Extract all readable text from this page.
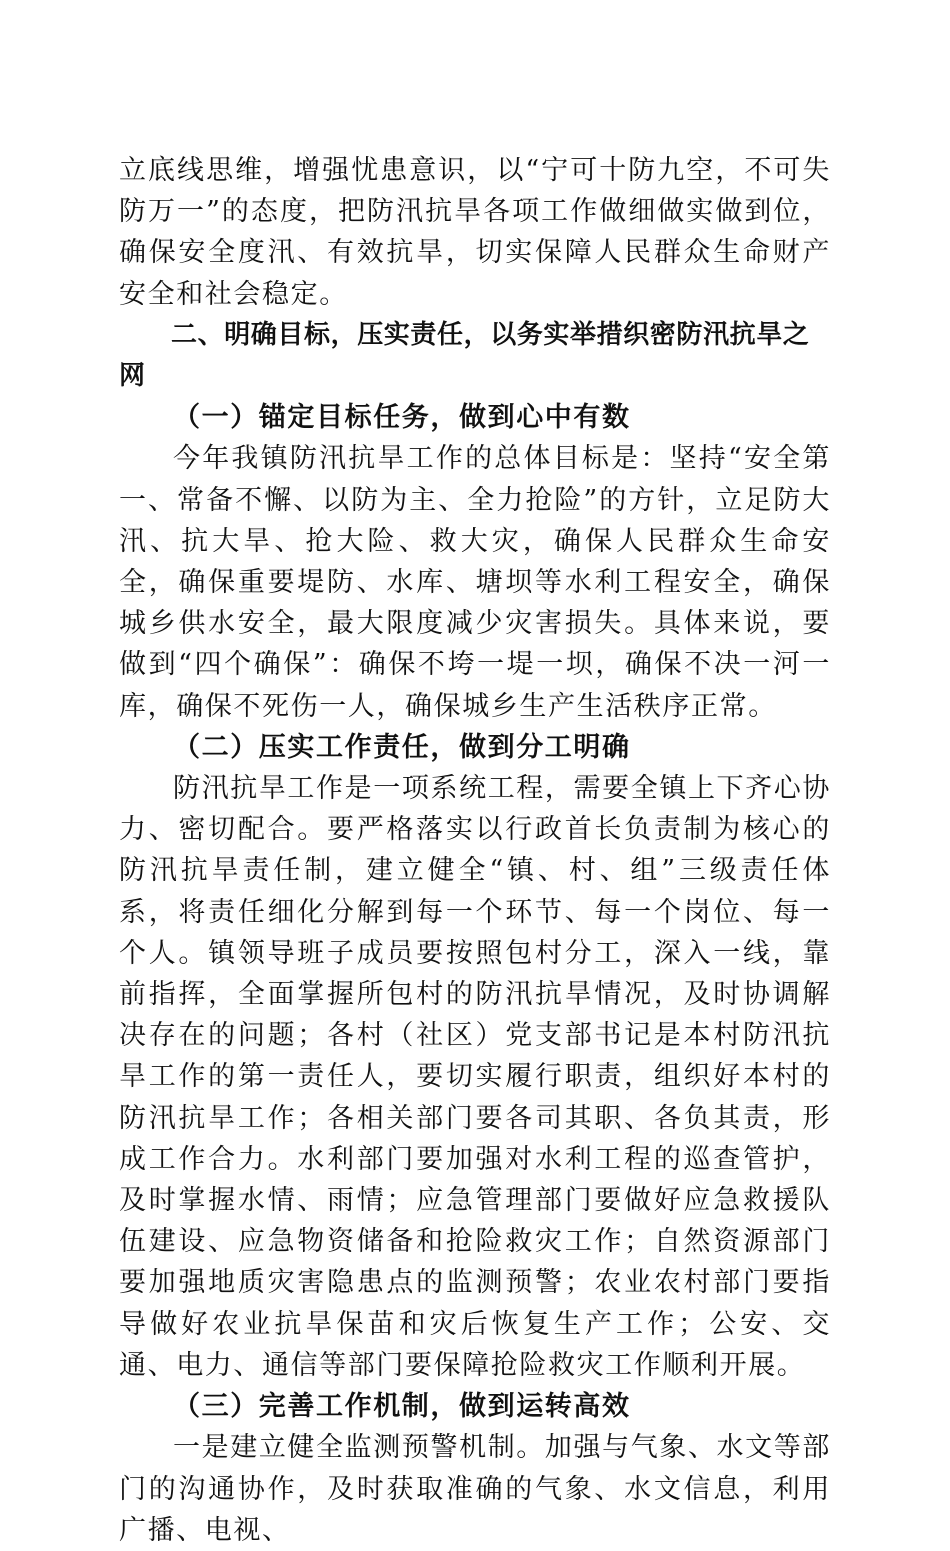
立底线思维，增强忧患意识，以“宁可十防九空，不可失防万一”的态度，把防汛抗旱各项工作做细做实做到位，确保安全度汛、有效抗旱，切实保障人民群众生命财产安全和社会稳定。

二、明确目标，压实责任，以务实举措织密防汛抗旱之网

（一）锚定目标任务，做到心中有数

今年我镇防汛抗旱工作的总体目标是：坚持“安全第一、常备不懈、以防为主、全力抢险”的方针，立足防大汛、抗大旱、抢大险、救大灾，确保人民群众生命安全，确保重要堤防、水库、塘坝等水利工程安全，确保城乡供水安全，最大限度减少灾害损失。具体来说，要做到“四个确保”：确保不垮一堤一坝，确保不决一河一库，确保不死伤一人，确保城乡生产生活秩序正常。

（二）压实工作责任，做到分工明确

防汛抗旱工作是一项系统工程，需要全镇上下齐心协力、密切配合。要严格落实以行政首长负责制为核心的防汛抗旱责任制，建立健全“镇、村、组”三级责任体系，将责任细化分解到每一个环节、每一个岗位、每一个人。镇领导班子成员要按照包村分工，深入一线，靠前指挥，全面掌握所包村的防汛抗旱情况，及时协调解决存在的问题；各村（社区）党支部书记是本村防汛抗旱工作的第一责任人，要切实履行职责，组织好本村的防汛抗旱工作；各相关部门要各司其职、各负其责，形成工作合力。水利部门要加强对水利工程的巡查管护，及时掌握水情、雨情；应急管理部门要做好应急救援队伍建设、应急物资储备和抢险救灾工作；自然资源部门要加强地质灾害隐患点的监测预警；农业农村部门要指导做好农业抗旱保苗和灾后恢复生产工作；公安、交通、电力、通信等部门要保障抢险救灾工作顺利开展。

（三）完善工作机制，做到运转高效

一是建立健全监测预警机制。加强与气象、水文等部门的沟通协作，及时获取准确的气象、水文信息，利用广播、电视、
